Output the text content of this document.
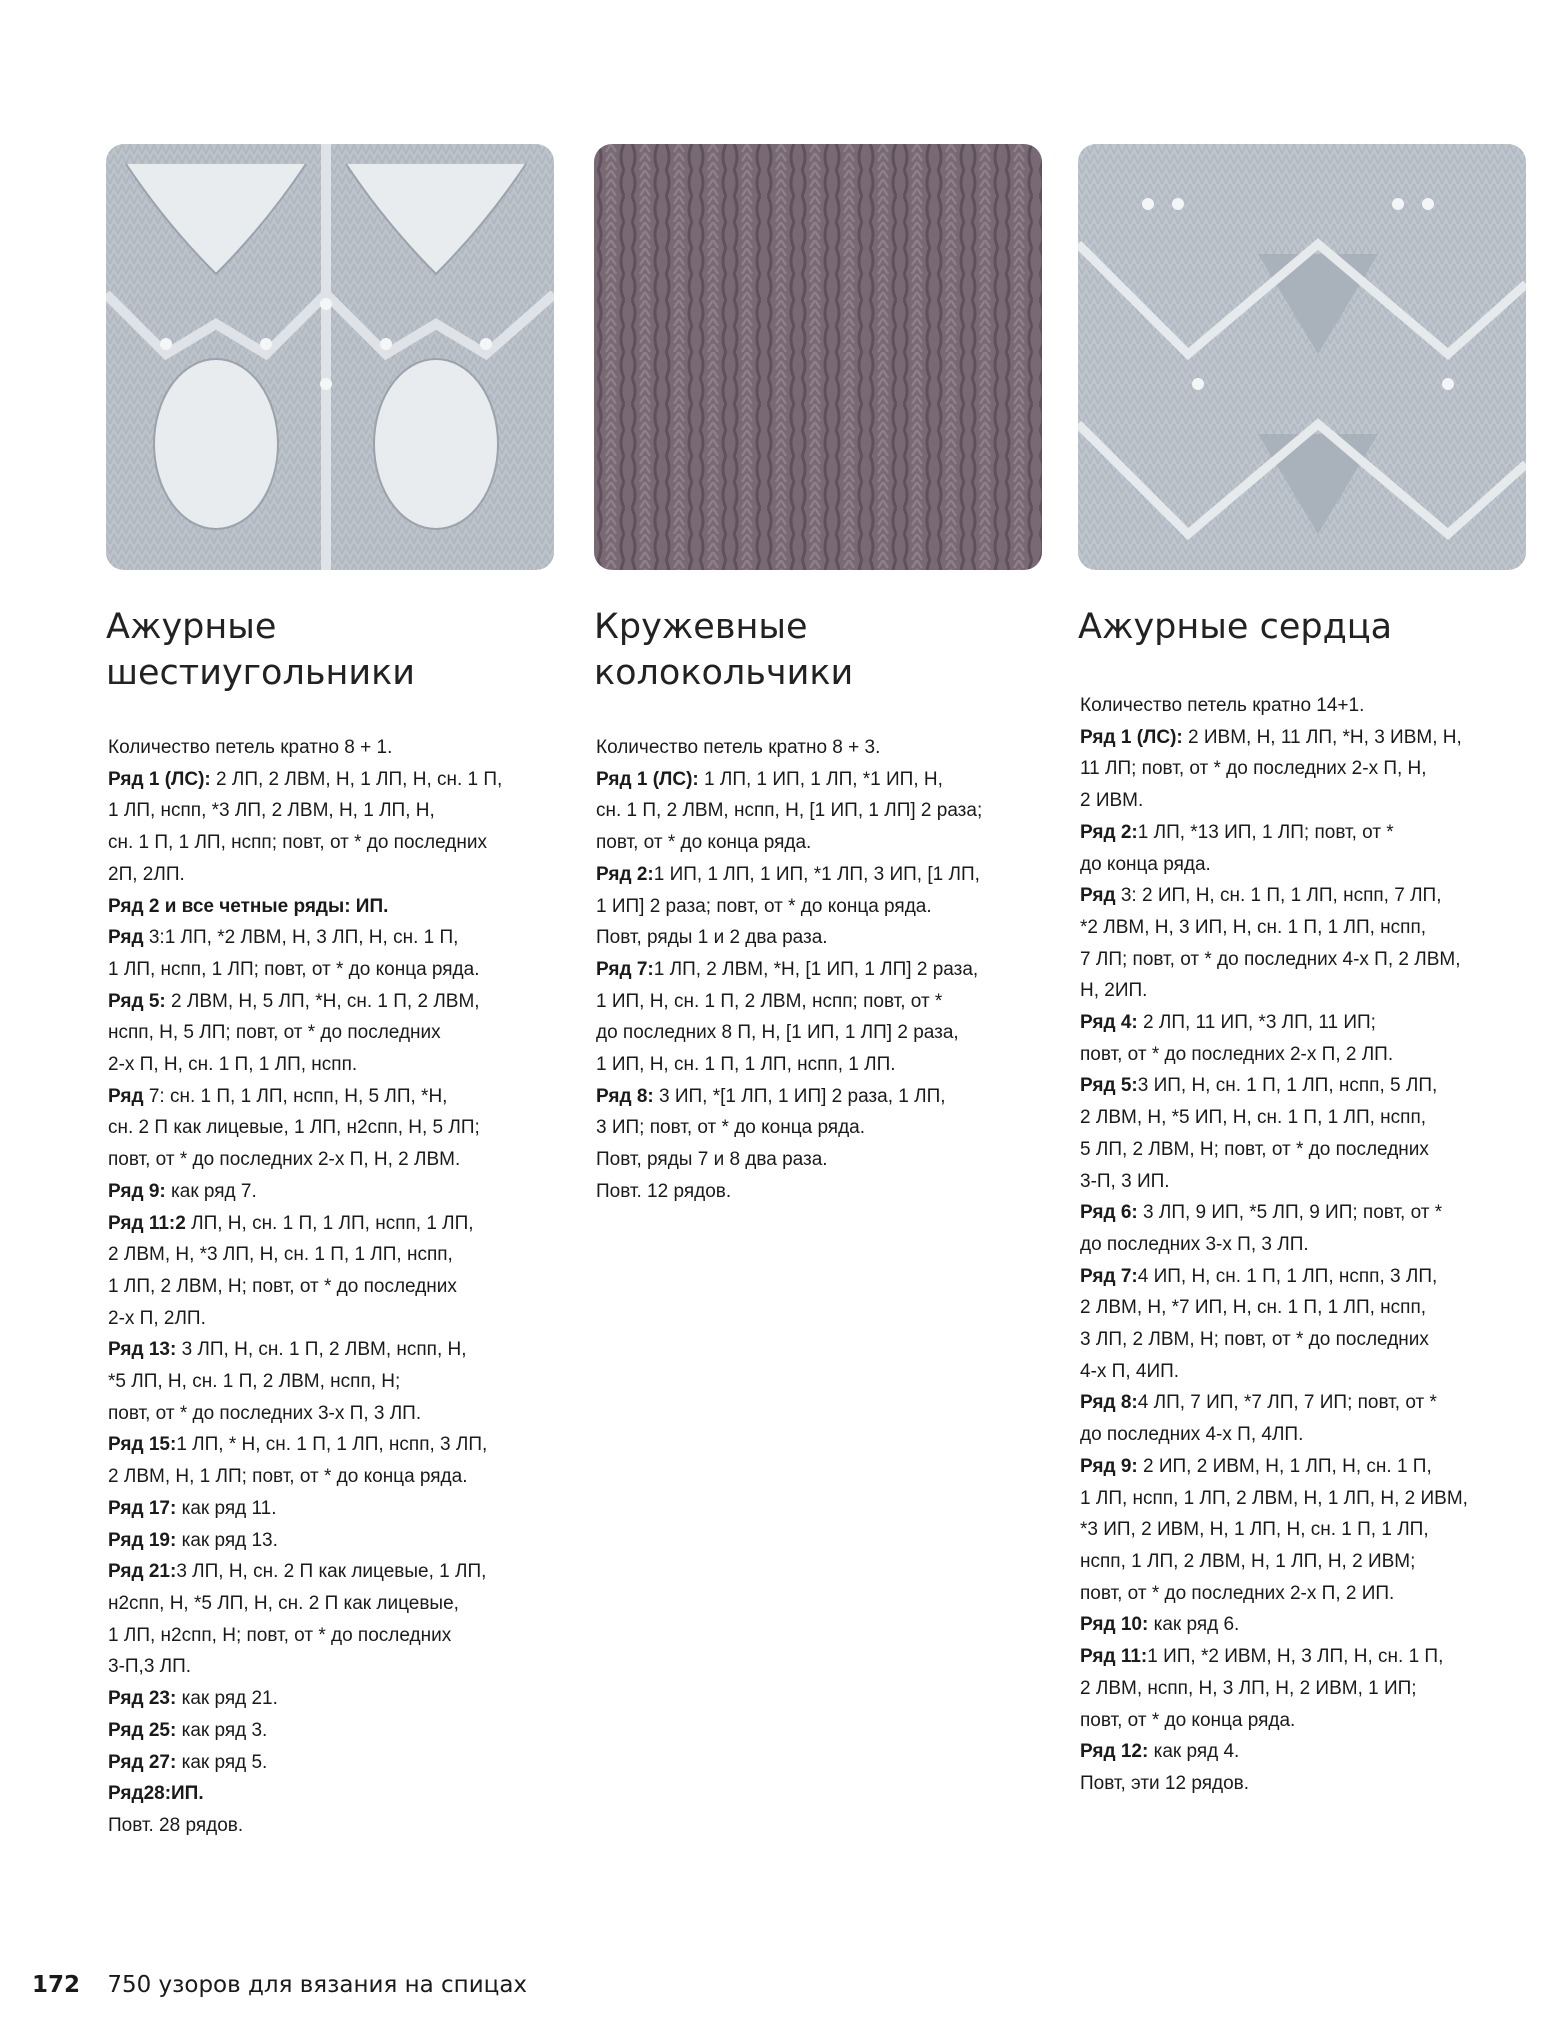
Ажурные
шестиугольники
Количество петель кратно 8 + 1.
Ряд 1 (ЛС): 2 ЛП, 2 ЛВМ, Н, 1 ЛП, Н, сн. 1 П,
1 ЛП, нспп, *3 ЛП, 2 ЛВМ, Н, 1 ЛП, Н,
сн. 1 П, 1 ЛП, нспп; повт, от * до последних
2П, 2ЛП.
Ряд 2 и все четные ряды: ИП.
Ряд 3:1 ЛП, *2 ЛВМ, Н, 3 ЛП, Н, сн. 1 П,
1 ЛП, нспп, 1 ЛП; повт, от * до конца ряда.
Ряд 5: 2 ЛВМ, Н, 5 ЛП, *Н, сн. 1 П, 2 ЛВМ,
нспп, Н, 5 ЛП; повт, от * до последних
2-х П, Н, сн. 1 П, 1 ЛП, нспп.
Ряд 7: сн. 1 П, 1 ЛП, нспп, Н, 5 ЛП, *Н,
сн. 2 П как лицевые, 1 ЛП, н2спп, Н, 5 ЛП;
повт, от * до последних 2-х П, Н, 2 ЛВМ.
Ряд 9: как ряд 7.
Ряд 11:2 ЛП, Н, сн. 1 П, 1 ЛП, нспп, 1 ЛП,
2 ЛВМ, Н, *3 ЛП, Н, сн. 1 П, 1 ЛП, нспп,
1 ЛП, 2 ЛВМ, Н; повт, от * до последних
2-х П, 2ЛП.
Ряд 13: 3 ЛП, Н, сн. 1 П, 2 ЛВМ, нспп, Н,
*5 ЛП, Н, сн. 1 П, 2 ЛВМ, нспп, Н;
повт, от * до последних 3-х П, 3 ЛП.
Ряд 15:1 ЛП, * Н, сн. 1 П, 1 ЛП, нспп, 3 ЛП,
2 ЛВМ, Н, 1 ЛП; повт, от * до конца ряда.
Ряд 17: как ряд 11.
Ряд 19: как ряд 13.
Ряд 21:3 ЛП, Н, сн. 2 П как лицевые, 1 ЛП,
н2спп, Н, *5 ЛП, Н, сн. 2 П как лицевые,
1 ЛП, н2спп, Н; повт, от * до последних
3-П,3 ЛП.
Ряд 23: как ряд 21.
Ряд 25: как ряд 3.
Ряд 27: как ряд 5.
Ряд28:ИП.
Повт. 28 рядов.
Кружевные
колокольчики
Количество петель кратно 8 + 3.
Ряд 1 (ЛС): 1 ЛП, 1 ИП, 1 ЛП, *1 ИП, Н,
сн. 1 П, 2 ЛВМ, нспп, Н, [1 ИП, 1 ЛП] 2 раза;
повт, от * до конца ряда.
Ряд 2:1 ИП, 1 ЛП, 1 ИП, *1 ЛП, 3 ИП, [1 ЛП,
1 ИП] 2 раза; повт, от * до конца ряда.
Повт, ряды 1 и 2 два раза.
Ряд 7:1 ЛП, 2 ЛВМ, *Н, [1 ИП, 1 ЛП] 2 раза,
1 ИП, Н, сн. 1 П, 2 ЛВМ, нспп; повт, от *
до последних 8 П, Н, [1 ИП, 1 ЛП] 2 раза,
1 ИП, Н, сн. 1 П, 1 ЛП, нспп, 1 ЛП.
Ряд 8: 3 ИП, *[1 ЛП, 1 ИП] 2 раза, 1 ЛП,
3 ИП; повт, от * до конца ряда.
Повт, ряды 7 и 8 два раза.
Повт. 12 рядов.
Ажурные сердца
Количество петель кратно 14+1.
Ряд 1 (ЛС): 2 ИВМ, Н, 11 ЛП, *Н, 3 ИВМ, Н,
11 ЛП; повт, от * до последних 2-х П, Н,
2 ИВМ.
Ряд 2:1 ЛП, *13 ИП, 1 ЛП; повт, от *
до конца ряда.
Ряд 3: 2 ИП, Н, сн. 1 П, 1 ЛП, нспп, 7 ЛП,
*2 ЛВМ, Н, 3 ИП, Н, сн. 1 П, 1 ЛП, нспп,
7 ЛП; повт, от * до последних 4-х П, 2 ЛВМ,
Н, 2ИП.
Ряд 4: 2 ЛП, 11 ИП, *3 ЛП, 11 ИП;
повт, от * до последних 2-х П, 2 ЛП.
Ряд 5:3 ИП, Н, сн. 1 П, 1 ЛП, нспп, 5 ЛП,
2 ЛВМ, Н, *5 ИП, Н, сн. 1 П, 1 ЛП, нспп,
5 ЛП, 2 ЛВМ, Н; повт, от * до последних
3-П, 3 ИП.
Ряд 6: 3 ЛП, 9 ИП, *5 ЛП, 9 ИП; повт, от *
до последних 3-х П, 3 ЛП.
Ряд 7:4 ИП, Н, сн. 1 П, 1 ЛП, нспп, 3 ЛП,
2 ЛВМ, Н, *7 ИП, Н, сн. 1 П, 1 ЛП, нспп,
3 ЛП, 2 ЛВМ, Н; повт, от * до последних
4-х П, 4ИП.
Ряд 8:4 ЛП, 7 ИП, *7 ЛП, 7 ИП; повт, от *
до последних 4-х П, 4ЛП.
Ряд 9: 2 ИП, 2 ИВМ, Н, 1 ЛП, Н, сн. 1 П,
1 ЛП, нспп, 1 ЛП, 2 ЛВМ, Н, 1 ЛП, Н, 2 ИВМ,
*3 ИП, 2 ИВМ, Н, 1 ЛП, Н, сн. 1 П, 1 ЛП,
нспп, 1 ЛП, 2 ЛВМ, Н, 1 ЛП, Н, 2 ИВМ;
повт, от * до последних 2-х П, 2 ИП.
Ряд 10: как ряд 6.
Ряд 11:1 ИП, *2 ИВМ, Н, 3 ЛП, Н, сн. 1 П,
2 ЛВМ, нспп, Н, 3 ЛП, Н, 2 ИВМ, 1 ИП;
повт, от * до конца ряда.
Ряд 12: как ряд 4.
Повт, эти 12 рядов.
172 750 узоров для вязания на спицах
